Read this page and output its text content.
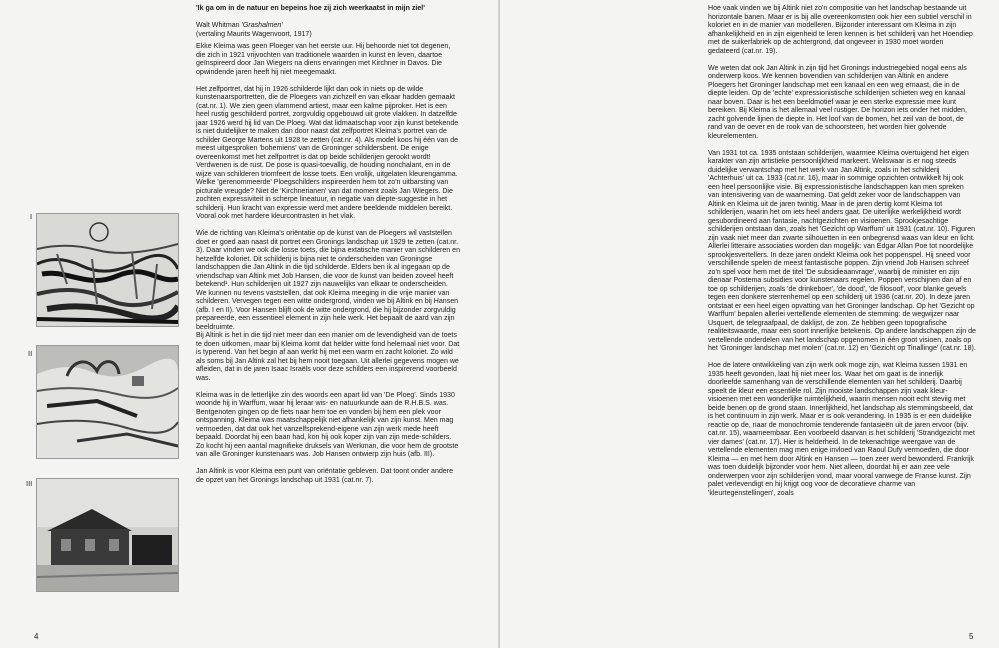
'Ik ga om in de natuur en bepeins hoe zij zich weerkaatst in mijn ziel'

Walt Whitman 'Grashalmen'
(vertaling Maurits Wagenvoort, 1917)

Ekke Kleima was geen Ploeger van het eerste uur. Hij behoorde niet tot degenen, die zich in 1921 vrijvochten van traditionele waarden in kunst en leven, daartoe geïnspireerd door Jan Wiegers na diens ervaringen met Kirchner in Davos. Die opwindende jaren heeft hij niet meegemaakt.

Het zelfportret, dat hij in 1926 schilderde lijkt dan ook in niets op de wilde kunstenaarsportretten, die de Ploegers van zichzelf en van elkaar hadden gemaakt (cat.nr. 1). We zien geen vlammend artiest, maar een kalme pijproker. Het is een heel rustig geschilderd portret, zorgvuldig opgebouwd uit grote vlakken. In datzelfde jaar 1926 werd hij lid van De Ploeg. Wat dat lidmaatschap voor zijn kunst betekende is niet duidelijker te maken dan door naast dat zelfportret Kleima's portret van de schilder George Martens uit 1928 te zetten (cat.nr. 4). Als model koos hij één van de meest uitgesproken 'bohemiens' van de Groninger schildersbent. De enige overeenkomst met het zelfportret is dat op beide schilderijen gerookt wordt! Verdwenen is de rust. De pose is quasi-toevallig, de houding nonchalant, en in de wijze van schilderen triomfeert de losse toets. Een vrolijk, uitgelaten kleurengamma. Welke 'gerenommeerde' Ploegschilders inspireerden hem tot zo'n uitbarsting van picturale vreugde? Niet de 'Kirchnerianen' van dat moment zoals Jan Wiegers. Die zochten expressiviteit in scherpe lineatuur, in negatie van diepte-suggestie in het schilderij. Hun kracht van expressie werd met andere beeldende middelen bereikt. Vooral ook met hardere kleurcontrasten in het vlak.

Wie de richting van Kleima's oriëntatie op de kunst van de Ploegers wil vaststellen doet er goed aan naast dit portret een Gronings landschap uit 1929 te zetten (cat.nr. 3). Daar vinden we ook die losse toets, die bijna extatische manier van schilderen en hetzelfde koloriet. Dit schilderij is bijna niet te onderscheiden van Groningse landschappen die Jan Altink in die tijd schilderde. Elders ben ik al ingegaan op de vriendschap van Altink met Job Hansen, die voor de kunst van beiden zoveel heeft betekend¹. Hun schilderijen uit 1927 zijn nauwelijks van elkaar te onderscheiden. We kunnen nu tevens vaststellen, dat ook Kleima meeging in die vrije manier van schilderen. Vervegen tegen een witte ondergrond, vinden we bij Altink en bij Hansen (afb. I en II). Voor Hansen blijft ook de witte ondergrond, die hij bijzonder zorgvuldig prepareerde, een essentieel element in zijn hele werk. Het bepaalt de aard van zijn beeldruimte.

Bij Altink is het in die tijd niet meer dan een manier om de levendigheid van de toets te doen uitkomen, maar bij Kleima komt dat helder witte fond helemaal niet voor. Dat is typerend. Van het begin af aan werkt hij met een warm en zacht koloriet. Zo wild als soms bij Jan Altink zal het bij hem nooit toegaan. Uit allerlei gegevens mogen we afleiden, dat in de jaren Isaac Israëls voor deze schilders een inspirerend voorbeeld was.

Kleima was in de letterlijke zin des woords een apart lid van 'De Ploeg'. Sinds 1930 woonde hij in Warffum, waar hij leraar wis- en natuurkunde aan de R.H.B.S. was. Bentgenoten gingen op de fiets naar hem toe en vonden bij hem een plek voor ontspanning. Kleima was maatschappelijk niet afhankelijk van zijn kunst. Men mag vermoeden, dat dat ook het vanzelfsprekend-eigene van zijn werk mede heeft bepaald. Doordat hij een baan had, kon hij ook koper zijn van zijn mede-schilders. Zo kocht hij een aantal magnifieke druksels van Werkman, die voor hem de grootste van alle Groninger kunstenaars was. Job Hansen ontwierp zijn huis (afb. III).

Jan Altink is voor Kleima een punt van oriëntatie gebleven. Dat toont onder andere de opzet van het Gronings landschap uit 1931 (cat.nr. 7).

I
II
III
4

Hoe vaak vinden we bij Altink niet zo'n compositie van het landschap bestaande uit horizontale banen. Maar er is bij alle overeenkomsten ook hier een subtiel verschil in koloriet en in de manier van modelleren. Bijzonder interessant om Kleima in zijn afhankelijkheid en in zijn eigenheid te leren kennen is het schilderij van het Hoendiep met de suikerfabriek op de achtergrond, dat ongeveer in 1930 moet worden gedateerd (cat.nr. 19).

We weten dat ook Jan Altink in zijn tijd het Gronings industriegebied nogal eens als onderwerp koos. We kennen bovendien van schilderijen van Altink en andere Ploegers het Groninger landschap met een kanaal en een weg ernaast, die in de diepte leiden. Op de 'echte' expressionistische schilderijen schieten weg en kanaal naar boven. Daar is het een beeldmotief waar je een sterke expressie mee kunt bereiken. Bij Kleima is het allemaal veel rustiger. De horizon iets onder het midden, zacht golvende lijnen de diepte in. Het loof van de bomen, het zeil van de boot, de rand van de oever en de rook van de schoorsteen, het worden hier golvende kleurelementen.

Van 1931 tot ca. 1935 ontstaan schilderijen, waarmee Kleima overtuigend het eigen karakter van zijn artistieke persoonlijkheid markeert. Weliswaar is er nog steeds duidelijke verwantschap met het werk van Jan Altink, zoals in het schilderij 'Achterhuis' uit ca. 1933 (cat.nr. 16), maar in sommige opzichten ontwikkelt hij ook een heel persoonlijke visie. Bij expressionistische landschappen kan men spreken van intensivering van de waarneming. Dat geldt zeker voor de landschappen van Altink en Kleima uit de jaren twintig. Maar in de jaren dertig komt Kleima tot schilderijen, waarin het om iets heel anders gaat. De uiterlijke werkelijkheid wordt gesubordineerd aan fantasie, nachtgezichten en visioenen. Sprookjesachtige schilderijen ontstaan dan, zoals het 'Gezicht op Warffum' uit 1931 (cat.nr. 10). Figuren zijn vaak niet meer dan zwarte silhouetten in een onbegrensd waas van kleur en licht. Allerlei litteraire associaties worden dan mogelijk: van Edgar Allan Poe tot noordelijke sprookjesvertellers. In deze jaren ondekt Kleima ook het poppenspel. Hij sneed voor verschillende spelen de meest fantastische poppen. Zijn vriend Job Hansen schreef zo'n spel voor hem met de titel 'De subsidieaanvrage', waarbij de minister en zijn dienaar Postema subsidies voor kunstenaars regelen. Poppen verschijnen dan af en toe op schilderijen, zoals 'de drinkeboer', 'de dood', 'de filosoof', voor blanke gevels tegen een donkere sterrenhemel op een schilderij uit 1936 (cat.nr. 20). In deze jaren ontstaat er een heel eigen opvatting van het Groninger landschap. Op het 'Gezicht op Warffum' bepalen allerlei vertellende elementen de stemming: de wegwijzer naar Usquert, de telegraafpaal, de daklijst, de zon. Ze hebben geen topografische realiteitswaarde, maar een soort innerlijke betekenis. Op andere landschappen zijn de vertellende onderdelen van het landschap opgenomen in één groot visioen, zoals op het 'Groninger landschap met molen' (cat.nr. 12) en 'Gezicht op Tinallinge' (cat.nr. 18).

Hoe de latere ontwikkeling van zijn werk ook moge zijn, wat Kleima tussen 1931 en 1935 heeft gevonden, laat hij niet meer los. Waar het om gaat is de innerlijk doorleefde samenhang van de verschillende elementen van het schilderij. Daarbij speelt de kleur een essentiële rol. Zijn mooiste landschappen zijn vaak kleur-visioenen met een wonderlijke ruimtelijkheid, waarin mensen nooit echt steviig met beide benen op de grond staan. Innerlijkheid, het landschap als stemmingsbeeld, dat is het continuum in zijn werk. Maar er is ook verandering. In 1935 is er een duidelijke reactie op de, naar de monochromie tenderende fantasieën uit de jaren ervoor (bijv. cat.nr. 15), waarneembaar. Een voorbeeld daarvan is het schilderij 'Strandgezicht met vier dames' (cat.nr. 17). Hier is helderheid. In de tekenachtige weergave van de vertellende elementen mag men enige invloed van Raoul Dufy vermoeden, die door Kleima — en met hem door Altink en Hansen — toen zeer werd bewonderd. Frankrijk was toen duidelijk bijzonder voor hem. Niet alleen, doordat hij er aan zee vele onderwerpen voor zijn schilderijen vond, maar vooral vanwege de Franse kunst. Zijn palet verlevendigt en hij krijgt oog voor de decoratieve charme van 'kleurtegenstellingen', zoals

5
